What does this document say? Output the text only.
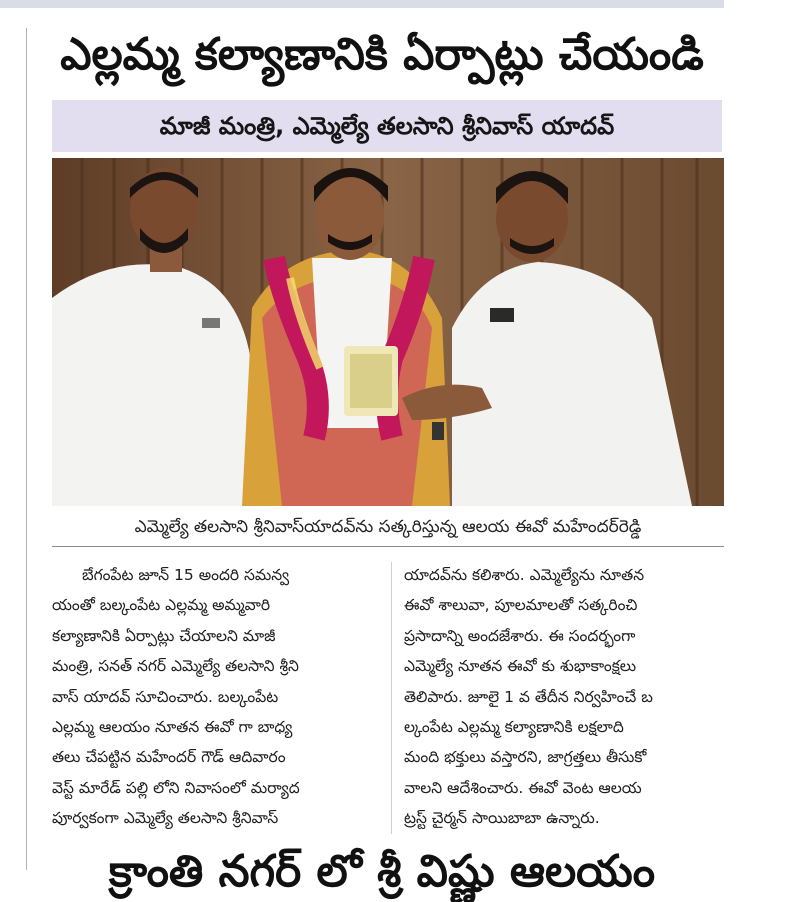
ఎల్లమ్మ కల్యాణానికి ఏర్పాట్లు చేయండి
మాజీ మంత్రి, ఎమ్మెల్యే తలసాని శ్రీనివాస్ యాదవ్
ఎమ్మెల్యే తలసాని శ్రీనివాస్‌యాదవ్‌ను సత్కరిస్తున్న ఆలయ ఈవో మహేందర్‌రెడ్డి

బేగంపేట జూన్ 15 అందరి సమన్వ

యంతో బల్కంపేట ఎల్లమ్మ అమ్మవారి

కల్యాణానికి ఏర్పాట్లు చేయాలని మాజీ

మంత్రి, సనత్ నగర్ ఎమ్మెల్యే తలసాని శ్రీని

వాస్ యాదవ్ సూచించారు. బల్కంపేట

ఎల్లమ్మ ఆలయం నూతన ఈవో గా బాధ్య

తలు చేపట్టిన మహేందర్ గౌడ్ ఆదివారం

వెస్ట్ మారేడ్ పల్లి లోని నివాసంలో మర్యాద

పూర్వకంగా ఎమ్మెల్యే తలసాని శ్రీనివాస్

యాదవ్‌ను కలిశారు. ఎమ్మెల్యేను నూతన

ఈవో శాలువా, పూలమాలతో సత్కరించి

ప్రసాదాన్ని అందజేశారు. ఈ సందర్భంగా

ఎమ్మెల్యే నూతన ఈవో కు శుభాకాంక్షలు

తెలిపారు. జూలై 1 వ తేదీన నిర్వహించే బ

ల్కంపేట ఎల్లమ్మ కల్యాణానికి లక్షలాది

మంది భక్తులు వస్తారని, జాగ్రత్తలు తీసుకో

వాలని ఆదేశించారు. ఈవో వెంట ఆలయ

ట్రస్ట్ చైర్మన్ సాయిబాబా ఉన్నారు.

క్రాంతి నగర్ లో శ్రీ విష్ణు ఆలయం
